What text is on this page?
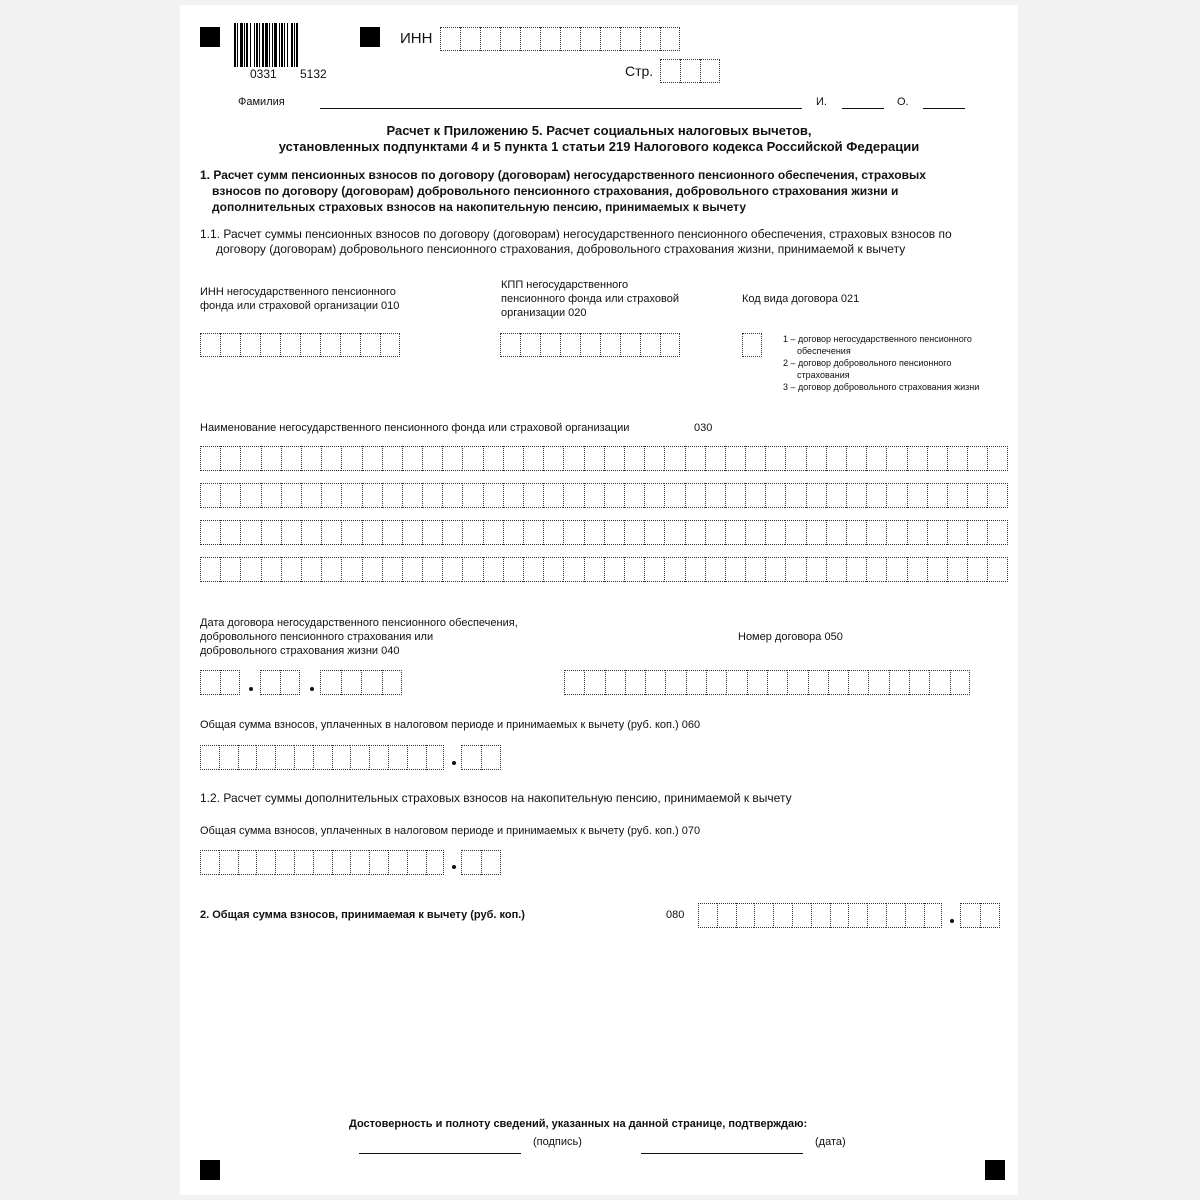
0331 5132
ИНН
Стр.
Фамилия	И.	О.
Расчет к Приложению 5. Расчет социальных налоговых вычетов,
установленных подпунктами 4 и 5 пункта 1 статьи 219 Налогового кодекса Российской Федерации
1. Расчет сумм пенсионных взносов по договору (договорам) негосударственного пенсионного обеспечения, страховых
взносов по договору (договорам) добровольного пенсионного страхования, добровольного страхования жизни и
дополнительных страховых взносов на накопительную пенсию, принимаемых к вычету
1.1. Расчет суммы пенсионных взносов по договору (договорам) негосударственного пенсионного обеспечения, страховых взносов по
договору (договорам) добровольного пенсионного страхования, добровольного страхования жизни, принимаемой к вычету
ИНН негосударственного пенсионного
фонда или страховой организации 010
КПП негосударственного
пенсионного фонда или страховой
организации 020
Код вида договора 021
1 – договор негосударственного пенсионного
обеспечения
2 – договор добровольного пенсионного
страхования
3 – договор добровольного страхования жизни
Наименование негосударственного пенсионного фонда или страховой организации	030
Дата договора негосударственного пенсионного обеспечения,
добровольного пенсионного страхования или
добровольного страхования жизни 040
Номер договора 050
Общая сумма взносов, уплаченных в налоговом периоде и принимаемых к вычету (руб. коп.) 060
1.2. Расчет суммы дополнительных страховых взносов на накопительную пенсию, принимаемой к вычету
Общая сумма взносов, уплаченных в налоговом периоде и принимаемых к вычету (руб. коп.) 070
2. Общая сумма взносов, принимаемая к вычету (руб. коп.)	080
Достоверность и полноту сведений, указанных на данной странице, подтверждаю:
(подпись)	(дата)
